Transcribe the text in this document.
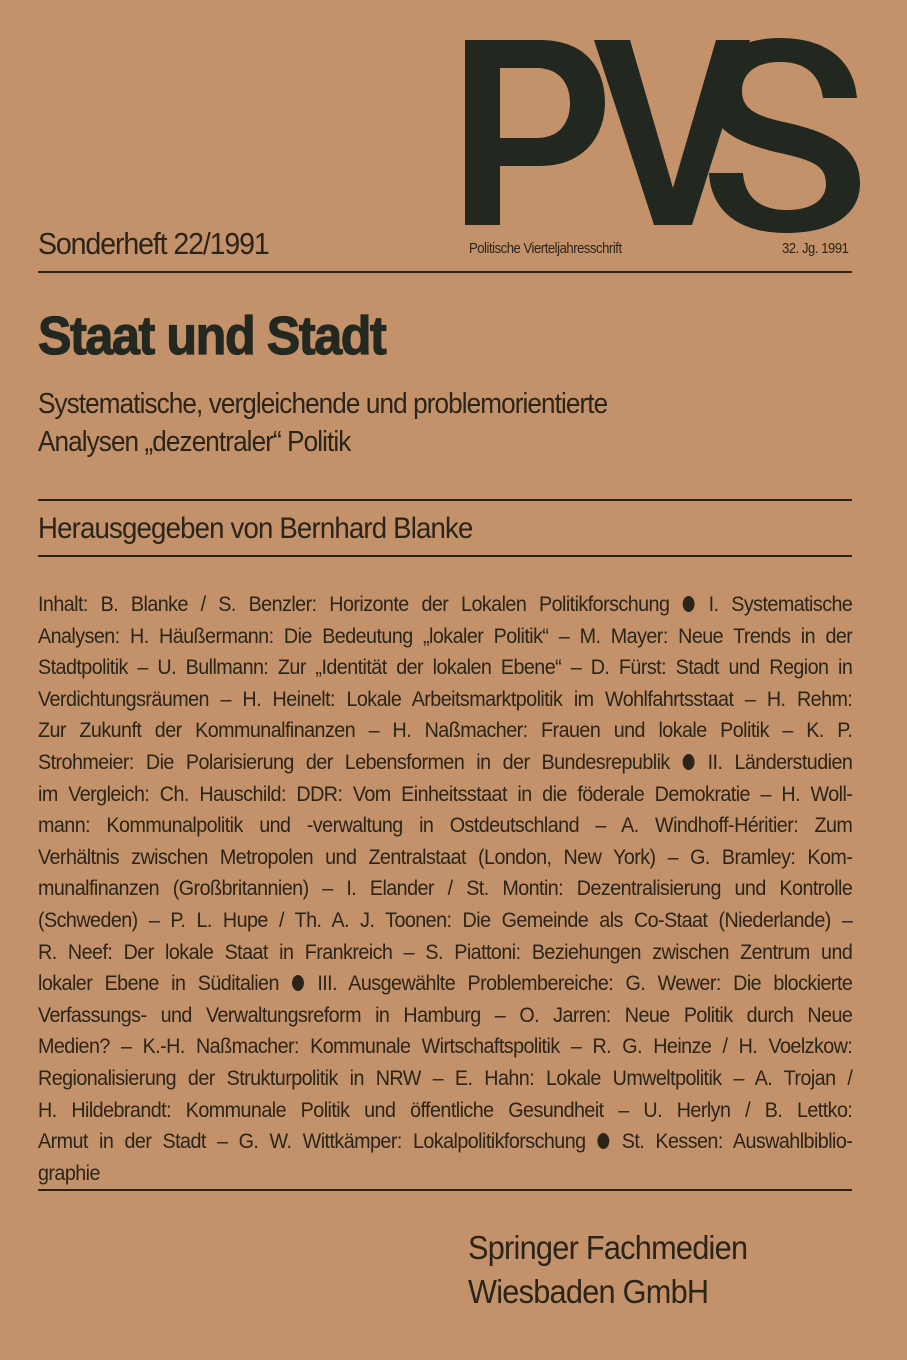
Sonderheft 22/1991	Politische Vierteljahresschrift	32. Jg. 1991
Staat und Stadt
Systematische, vergleichende und problemorientierte
Analysen „dezentraler“ Politik
Herausgegeben von Bernhard Blanke
Inhalt: B. Blanke / S. Benzler: Horizonte der Lokalen Politikforschung I. Systematische
Analysen: H. Häußermann: Die Bedeutung „lokaler Politik“ – M. Mayer: Neue Trends in der
Stadtpolitik – U. Bullmann: Zur „Identität der lokalen Ebene“ – D. Fürst: Stadt und Region in
Verdichtungsräumen – H. Heinelt: Lokale Arbeitsmarktpolitik im Wohlfahrtsstaat – H. Rehm:
Zur Zukunft der Kommunalfinanzen – H. Naßmacher: Frauen und lokale Politik – K. P.
Strohmeier: Die Polarisierung der Lebensformen in der Bundesrepublik II. Länderstudien
im Vergleich: Ch. Hauschild: DDR: Vom Einheitsstaat in die föderale Demokratie – H. Woll-
mann: Kommunalpolitik und -verwaltung in Ostdeutschland – A. Windhoff-Héritier: Zum
Verhältnis zwischen Metropolen und Zentralstaat (London, New York) – G. Bramley: Kom-
munalfinanzen (Großbritannien) – I. Elander / St. Montin: Dezentralisierung und Kontrolle
(Schweden) – P. L. Hupe / Th. A. J. Toonen: Die Gemeinde als Co-Staat (Niederlande) –
R. Neef: Der lokale Staat in Frankreich – S. Piattoni: Beziehungen zwischen Zentrum und
lokaler Ebene in Süditalien III. Ausgewählte Problembereiche: G. Wewer: Die blockierte
Verfassungs- und Verwaltungsreform in Hamburg – O. Jarren: Neue Politik durch Neue
Medien? – K.-H. Naßmacher: Kommunale Wirtschaftspolitik – R. G. Heinze / H. Voelzkow:
Regionalisierung der Strukturpolitik in NRW – E. Hahn: Lokale Umweltpolitik – A. Trojan /
H. Hildebrandt: Kommunale Politik und öffentliche Gesundheit – U. Herlyn / B. Lettko:
Armut in der Stadt – G. W. Wittkämper: Lokalpolitikforschung St. Kessen: Auswahlbiblio-
graphie
Springer Fachmedien
Wiesbaden GmbH
